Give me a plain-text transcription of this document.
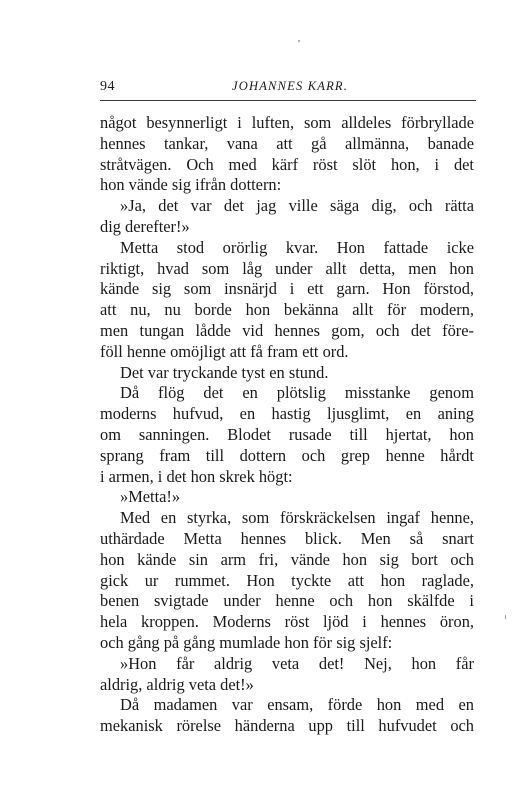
94	JOHANNES KARR.
något besynnerligt i luften, som alldeles förbryllade
hennes tankar, vana att gå allmänna, banade
stråtvägen. Och med kärf röst slöt hon, i det
hon vände sig ifrån dottern:
»Ja, det var det jag ville säga dig, och rätta
dig derefter!»
Metta stod orörlig kvar. Hon fattade icke
riktigt, hvad som låg under allt detta, men hon
kände sig som insnärjd i ett garn. Hon förstod,
att nu, nu borde hon bekänna allt för modern,
men tungan lådde vid hennes gom, och det före-
föll henne omöjligt att få fram ett ord.
Det var tryckande tyst en stund.
Då flög det en plötslig misstanke genom
moderns hufvud, en hastig ljusglimt, en aning
om sanningen. Blodet rusade till hjertat, hon
sprang fram till dottern och grep henne hårdt
i armen, i det hon skrek högt:
»Metta!»
Med en styrka, som förskräckelsen ingaf henne,
uthärdade Metta hennes blick. Men så snart
hon kände sin arm fri, vände hon sig bort och
gick ur rummet. Hon tyckte att hon raglade,
benen svigtade under henne och hon skälfde i
hela kroppen. Moderns röst ljöd i hennes öron,
och gång på gång mumlade hon för sig sjelf:
»Hon får aldrig veta det! Nej, hon får
aldrig, aldrig veta det!»
Då madamen var ensam, förde hon med en
mekanisk rörelse händerna upp till hufvudet och
